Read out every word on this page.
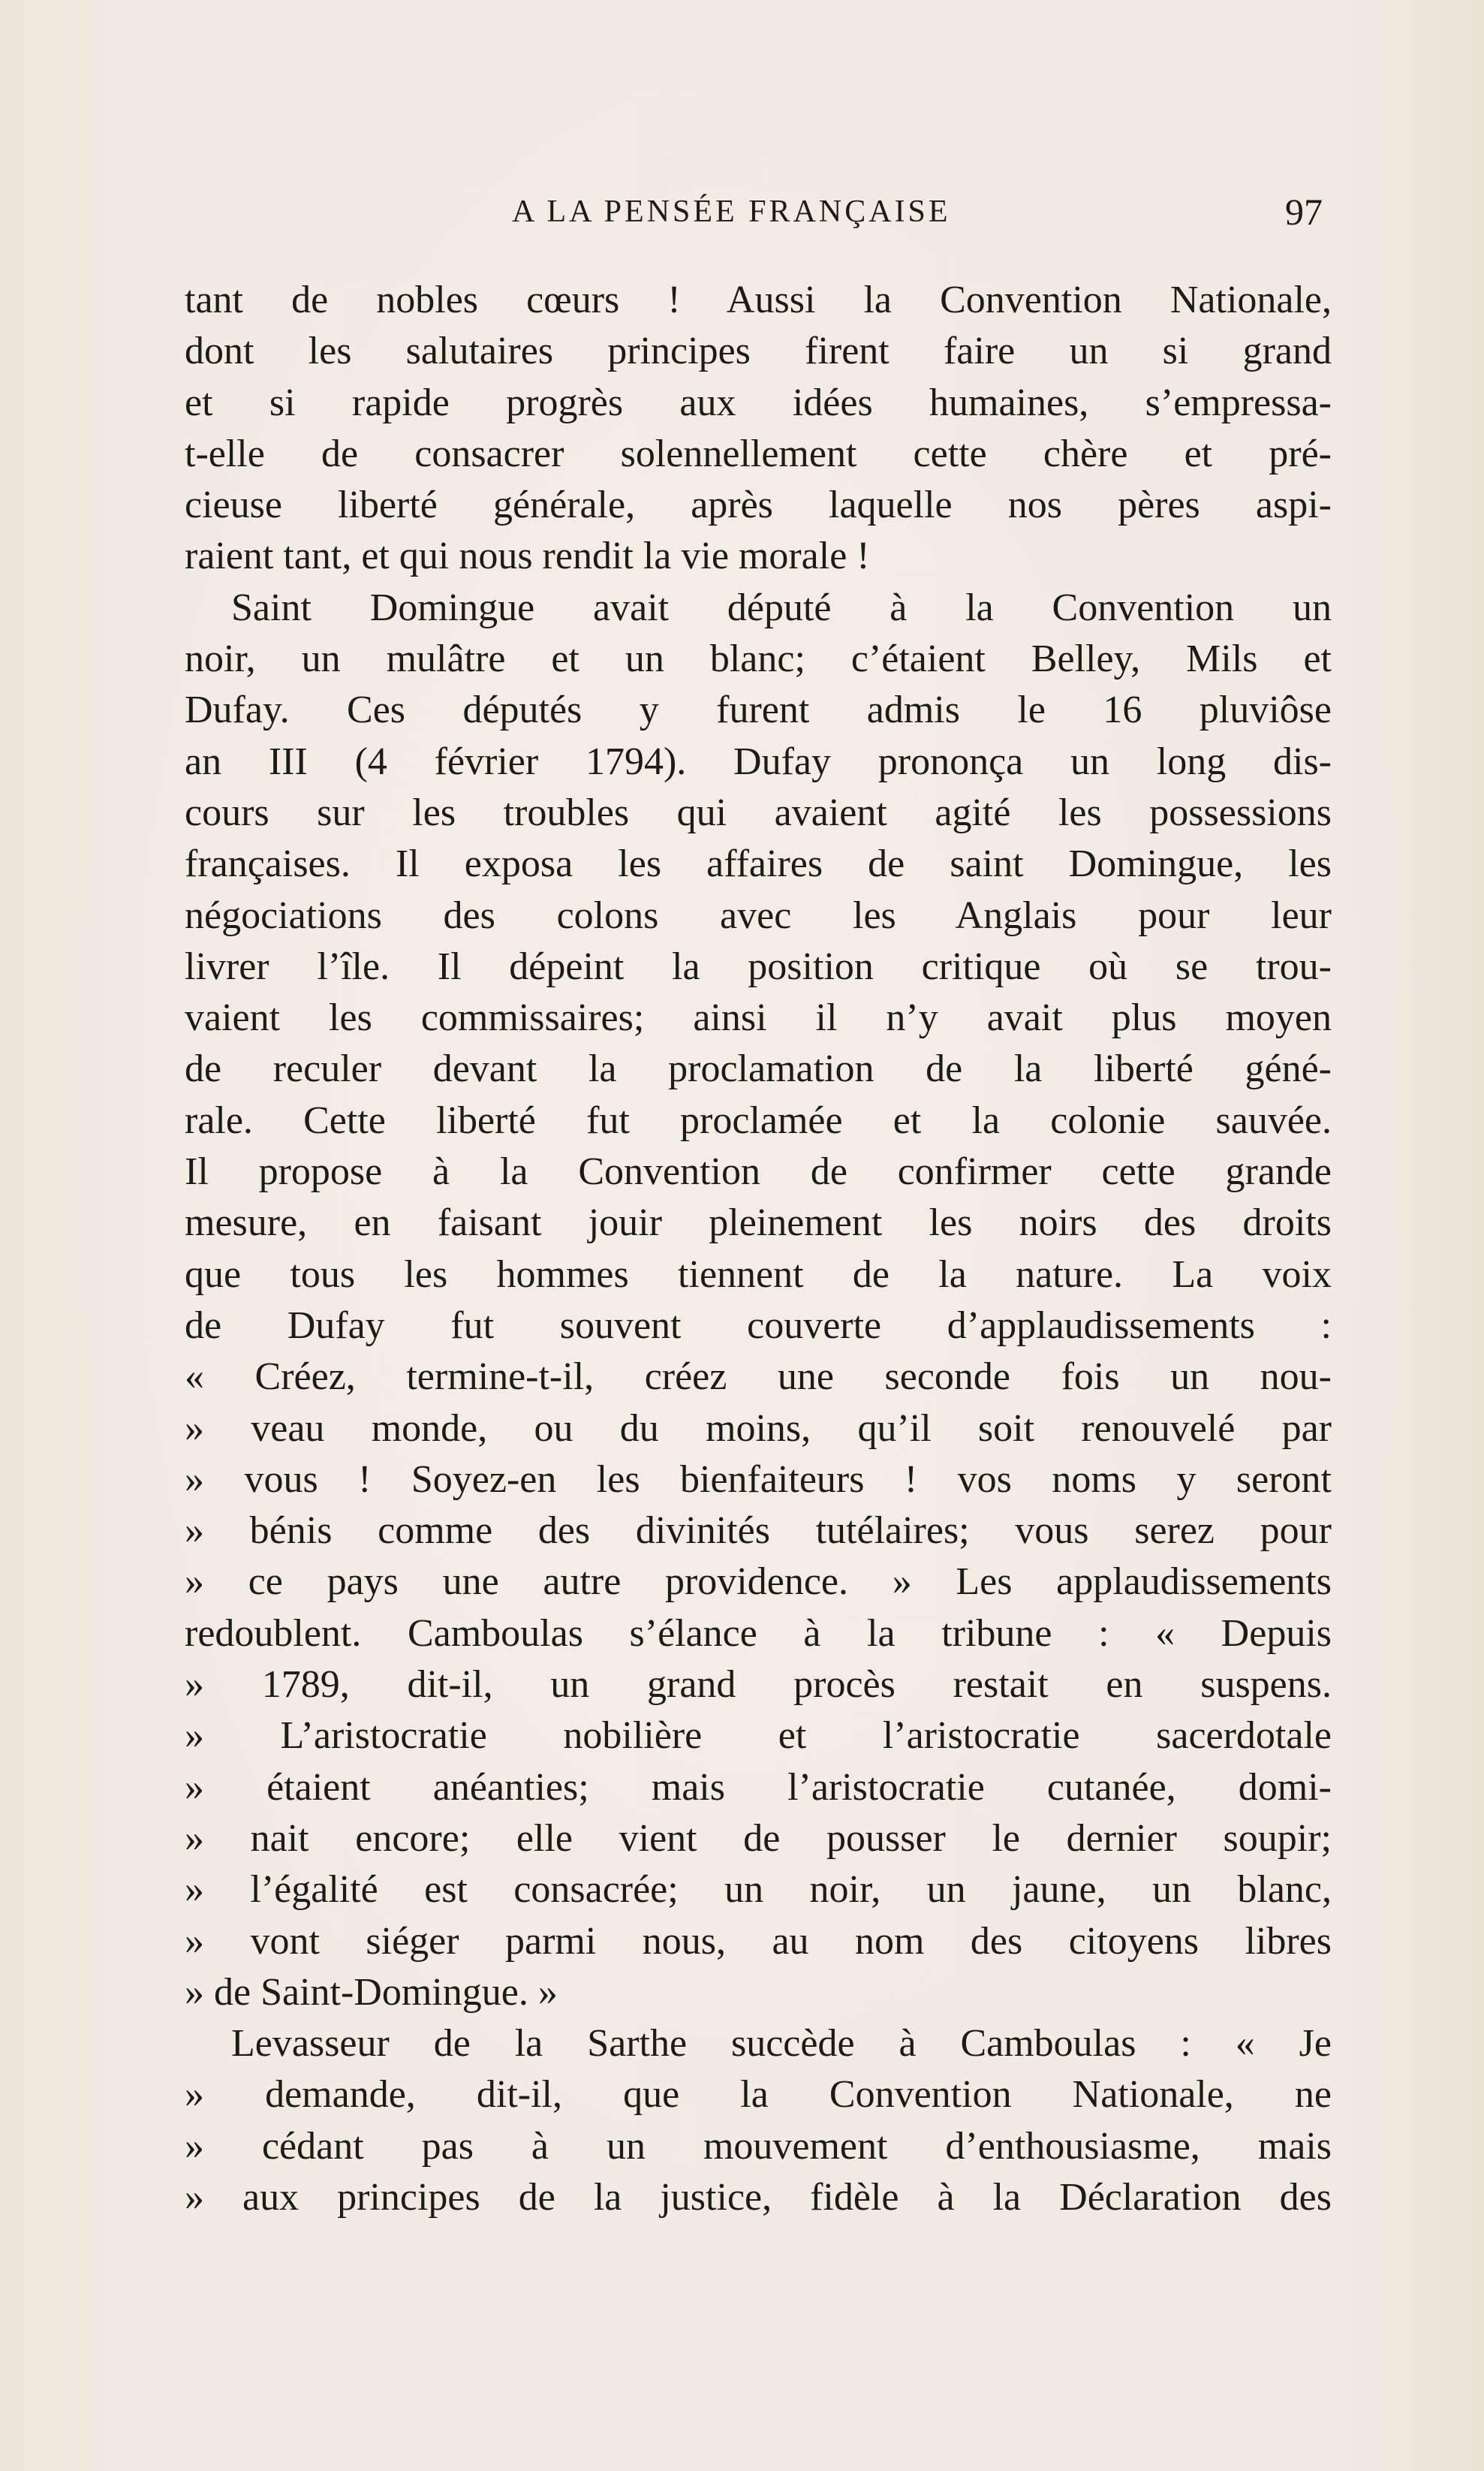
A LA PENSÉE FRANÇAISE	97
tant de nobles cœurs ! Aussi la Convention Nationale,
dont les salutaires principes firent faire un si grand
et si rapide progrès aux idées humaines, s’empressa-
t-elle de consacrer solennellement cette chère et pré-
cieuse liberté générale, après laquelle nos pères aspi-
raient tant, et qui nous rendit la vie morale !
Saint Domingue avait député à la Convention un
noir, un mulâtre et un blanc; c’étaient Belley, Mils et
Dufay. Ces députés y furent admis le 16 pluviôse
an III (4 février 1794). Dufay prononça un long dis-
cours sur les troubles qui avaient agité les possessions
françaises. Il exposa les affaires de saint Domingue, les
négociations des colons avec les Anglais pour leur
livrer l’île. Il dépeint la position critique où se trou-
vaient les commissaires; ainsi il n’y avait plus moyen
de reculer devant la proclamation de la liberté géné-
rale. Cette liberté fut proclamée et la colonie sauvée.
Il propose à la Convention de confirmer cette grande
mesure, en faisant jouir pleinement les noirs des droits
que tous les hommes tiennent de la nature. La voix
de Dufay fut souvent couverte d’applaudissements :
« Créez, termine-t-il, créez une seconde fois un nou-
» veau monde, ou du moins, qu’il soit renouvelé par
» vous ! Soyez-en les bienfaiteurs ! vos noms y seront
» bénis comme des divinités tutélaires; vous serez pour
» ce pays une autre providence. » Les applaudissements
redoublent. Camboulas s’élance à la tribune : « Depuis
» 1789, dit-il, un grand procès restait en suspens.
» L’aristocratie nobilière et l’aristocratie sacerdotale
» étaient anéanties; mais l’aristocratie cutanée, domi-
» nait encore; elle vient de pousser le dernier soupir;
» l’égalité est consacrée; un noir, un jaune, un blanc,
» vont siéger parmi nous, au nom des citoyens libres
» de Saint-Domingue. »
Levasseur de la Sarthe succède à Camboulas : « Je
» demande, dit-il, que la Convention Nationale, ne
» cédant pas à un mouvement d’enthousiasme, mais
» aux principes de la justice, fidèle à la Déclaration des
